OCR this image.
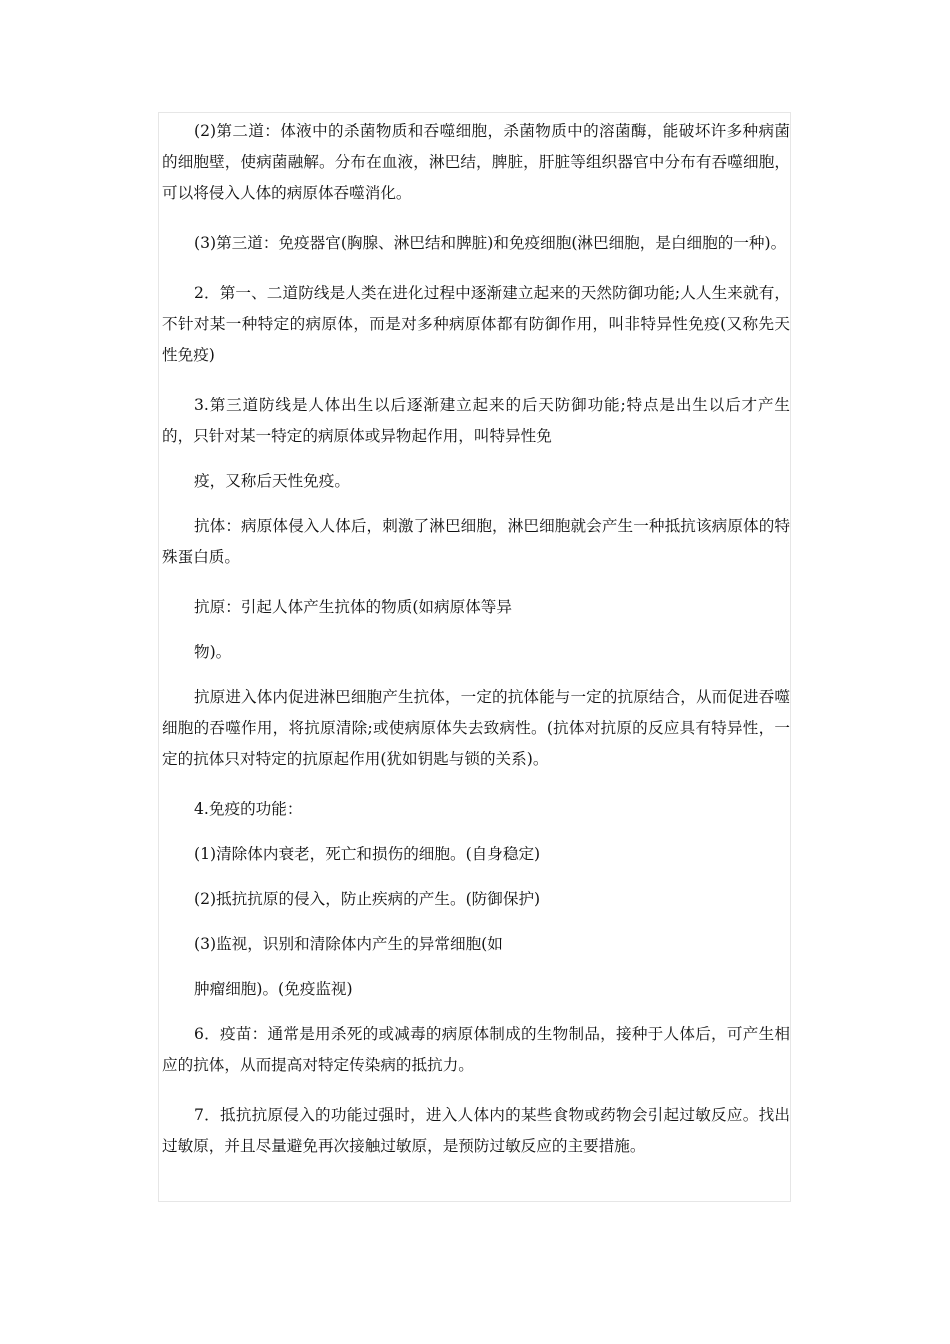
(2)第二道：体液中的杀菌物质和吞噬细胞，杀菌物质中的溶菌酶，能破坏许多种病菌的细胞壁，使病菌融解。分布在血液，淋巴结，脾脏，肝脏等组织器官中分布有吞噬细胞，可以将侵入人体的病原体吞噬消化。

(3)第三道：免疫器官(胸腺、淋巴结和脾脏)和免疫细胞(淋巴细胞，是白细胞的一种)。

2．第一、二道防线是人类在进化过程中逐渐建立起来的天然防御功能;人人生来就有，不针对某一种特定的病原体，而是对多种病原体都有防御作用，叫非特异性免疫(又称先天性免疫)

3.第三道防线是人体出生以后逐渐建立起来的后天防御功能;特点是出生以后才产生的，只针对某一特定的病原体或异物起作用，叫特异性免

疫，又称后天性免疫。

抗体：病原体侵入人体后，刺激了淋巴细胞，淋巴细胞就会产生一种抵抗该病原体的特殊蛋白质。

抗原：引起人体产生抗体的物质(如病原体等异

物)。

抗原进入体内促进淋巴细胞产生抗体，一定的抗体能与一定的抗原结合，从而促进吞噬细胞的吞噬作用，将抗原清除;或使病原体失去致病性。(抗体对抗原的反应具有特异性，一定的抗体只对特定的抗原起作用(犹如钥匙与锁的关系)。

4.免疫的功能：

(1)清除体内衰老，死亡和损伤的细胞。(自身稳定)

(2)抵抗抗原的侵入，防止疾病的产生。(防御保护)

(3)监视，识别和清除体内产生的异常细胞(如

肿瘤细胞)。(免疫监视)

6．疫苗：通常是用杀死的或减毒的病原体制成的生物制品，接种于人体后，可产生相应的抗体，从而提高对特定传染病的抵抗力。

7．抵抗抗原侵入的功能过强时，进入人体内的某些食物或药物会引起过敏反应。找出过敏原，并且尽量避免再次接触过敏原，是预防过敏反应的主要措施。
